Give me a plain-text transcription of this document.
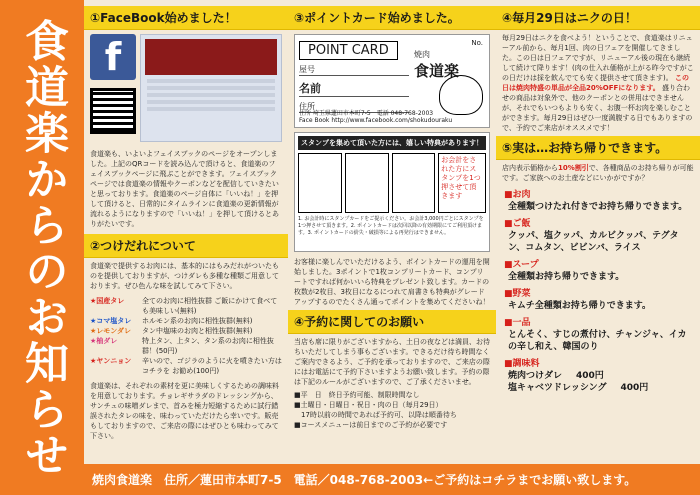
食道楽からのお知らせ	①FaceBook始めました！
f
食道楽も、いよいよフェイスブックのページをオープンしました。上記のQRコードを読み込んで頂けると、食道楽のフェイスブックページに飛ぶことができます。フェイスブックページでは食道楽の情報やクーポンなどを配信していきたいと思っております。食道楽のページ自体に「いいね！」を押して頂けると、日常的にタイムラインに食道楽の更新情報が流れるようになりますので「いいね！」を押して頂けるとありがたいです。
②つけだれについて
食道楽で提供するお肉には、基本的にはもみだれがついたものを提供しておりますが、つけダレも多種な種類ご用意しております。ぜひ色んな味を試してみて下さい。
★国産タレ	全てのお肉に相性抜群 ご飯にかけて食べても美味しい(無料)
★コマ塩タレ	ホルモン系のお肉に相性抜群(無料)
★レモンダレ	タン中塩味のお肉と相性抜群(無料)
★柚ダレ	特上タン、上タン、タン系のお肉に相性抜群！(50円)
★ヤンニョン	辛いので、ゴジラのように火を噴きたい方はコチラを お勧め(100円)
食道楽は、それぞれの素材を更に美味しくするための調味料を用意しております。チョレギサラダのドレッシングから、サンチュの味噌ダレまで、首みを極力短縮するために試行錯誤されたタレの味を、味わっていただけたら幸いです。販売もしておりますので、ご来店の際にはぜひとも味わってみて下さい。
③ポイントカード始めました。
POINT CARD	No.
焼肉
食道楽
屋号
名前
住所
住所 埼玉県蓮田市本町7-5　電話 048-768-2003
Face Book http://www.facebook.com/shokudouraku
スタンプを集めて頂いた方には、嬉しい特典があります！
お会計をされた方にスタンプを1つ押させて頂きます
1. お会計時にスタンプカードをご提示ください。お会計3,000円ごとにスタンプを1つ押させて頂きます。2. ポイントカードは次回以降の有効期限にてご利用頂けます。3. ポイントカードの紛失・破損等による再発行はできません。
お客様に楽しんでいただけるよう、ポイントカードの運用を開始しました。3ポイントで1枚コンプリートカード、コンプリートですれば何かいいら特典をプレゼント致します。カードの枚数が2枚目、3枚目になるにつれて肩書きも特典がグレードアップするのでたくさん通ってポイントを集めてくださいね！
④予約に関してのお願い
当店も席に限りがございますから、土日の夜などは満員、お待ちいただしてしまう事もございます。できるだけ待ち時間なくご案内できるよう、ご予約を承っておりますので、ご来店の際にはお電話にて予約下さいますようお願い致します。予約の際は下記のルールがございますので、ご了承くださいませ。
■平　日　終日予約可能、制限時間なし
■土曜日・日曜日・祝日・肉の日（毎月29日）
　17時以前の時間であれば予約可、以降は順番待ち
■コースメニューは前日までのご予約が必要です
④毎月29日はニクの日！
毎月29日はニクを食べよう！ということで、食道楽はリニューアル前から、毎月1回、肉の日フェアを開催してきました。この日は日フェアですが、リニューアル後の現在も継続して続けて降ります！(肉の仕入れ価格が上がる昨今ですがこの日だけは採を飲んでても安く提供させて頂きます)。 この日は焼肉特盛の単品が全品20%OFFになります。 盛り合わせの商品は対象外で、他のクーポンとの併用はできませんが、それでもいつもよりも安く、お腹一杯お肉を楽しむことができます。毎月29日はぜひ一度満腹する日でもありますので、予約でご来店がオススメです！
⑤実は…お持ち帰りできます。
店内表示価格から10%割引で、各種商品のお持ち帰りが可能です。ご家族へのお土産などにいかがですか？
■お肉
全種類つけたれ付きでお持ち帰りできます。
■ご飯
クッパ、塩クッパ、カルビクッパ、テグタン、コムタン、ビビンバ、ライス
■スープ
全種類お持ち帰りできます。
■野菜
キムチ全種類お持ち帰りできます。
■一品
とんそく、すじの煮付け、チャンジャ、イカの辛し和え、韓国のり
■調味料
焼肉つけダレ 400円
塩キャベツドレッシング 400円
焼肉食道楽　住所／蓮田市本町7-5　電話／048-768-2003←ご予約はコチラまでお願い致します。
